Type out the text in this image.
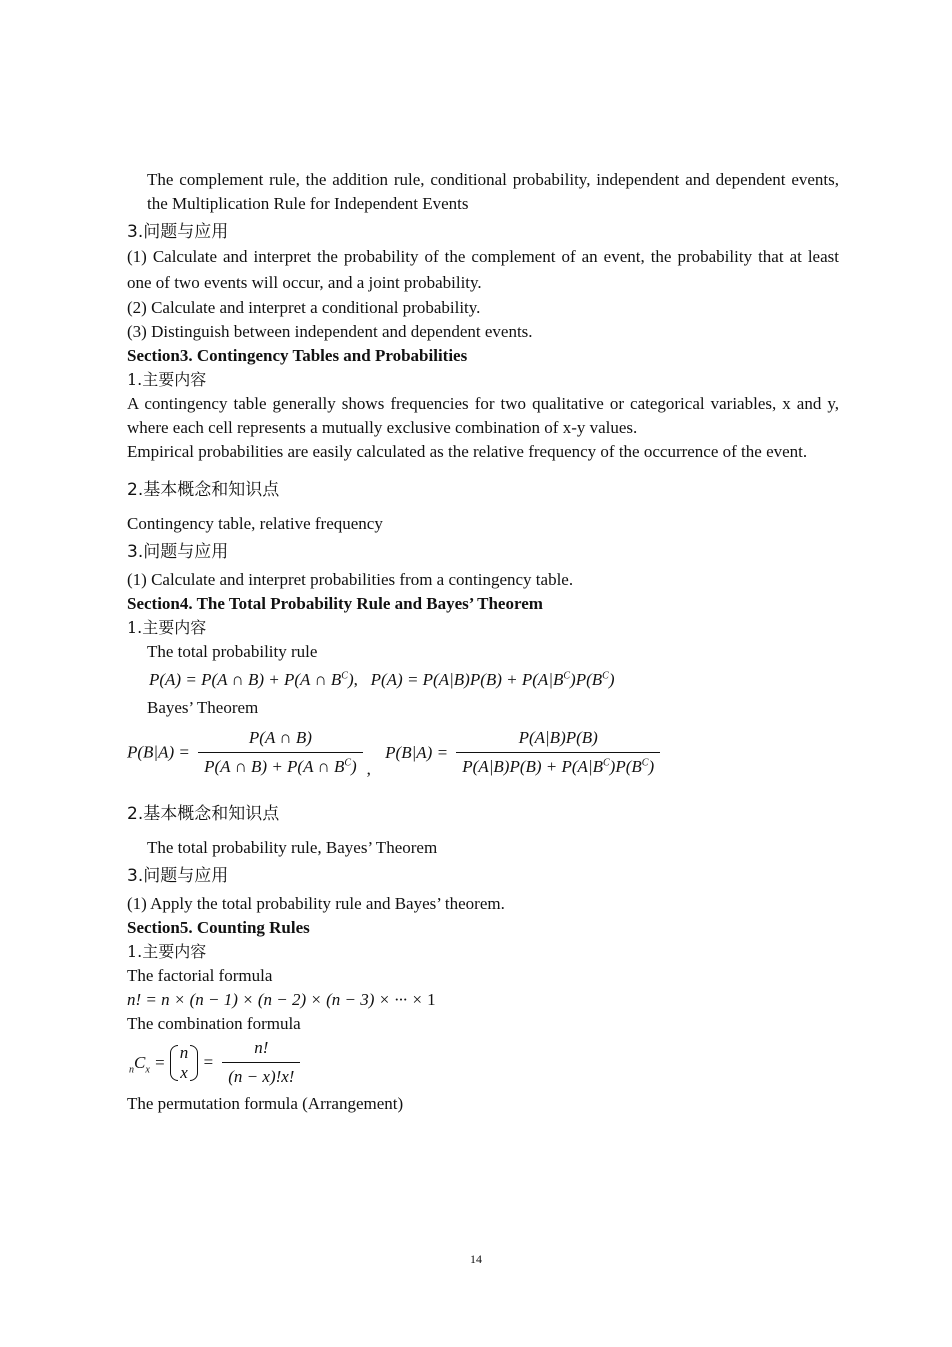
The complement rule, the addition rule, conditional probability, independent and dependent events, the Multiplication Rule for Independent Events

3.问题与应用

(1) Calculate and interpret the probability of the complement of an event, the probability that at least one of two events will occur, and a joint probability.

(2) Calculate and interpret a conditional probability.

(3) Distinguish between independent and dependent events.

Section3. Contingency Tables and Probabilities

1.主要内容

A contingency table generally shows frequencies for two qualitative or categorical variables, x and y, where each cell represents a mutually exclusive combination of x-y values.

Empirical probabilities are easily calculated as the relative frequency of the occurrence of the event.

2.基本概念和知识点

Contingency table, relative frequency

3.问题与应用

(1) Calculate and interpret probabilities from a contingency table.

Section4. The Total Probability Rule and Bayes’ Theorem

1.主要内容

The total probability rule

P(A) = P(A ∩ B) + P(A ∩ $B^C$),   $P(A) = P(A|B)P(B) + P(A|B^C)P(B^C)$

Bayes’ Theorem

$P(B|A) = \frac{P(A \cap B)}{P(A \cap B) + P(A \cap B^C)}$ , $P(B|A) = \frac{P(A|B)P(B)}{P(A|B)P(B) + P(A|B^C)P(B^C)}$

2.基本概念和知识点

The total probability rule, Bayes’ Theorem

3.问题与应用

(1) Apply the total probability rule and Bayes’ theorem.

Section5. Counting Rules

1.主要内容

The factorial formula

n! = n × (n − 1) × (n − 2) × (n − 3) × ··· × 1

The combination formula

$_nC_x$ =
n
x
= $\frac{n!}{(n - x)!x!}$

The permutation formula (Arrangement)

14
